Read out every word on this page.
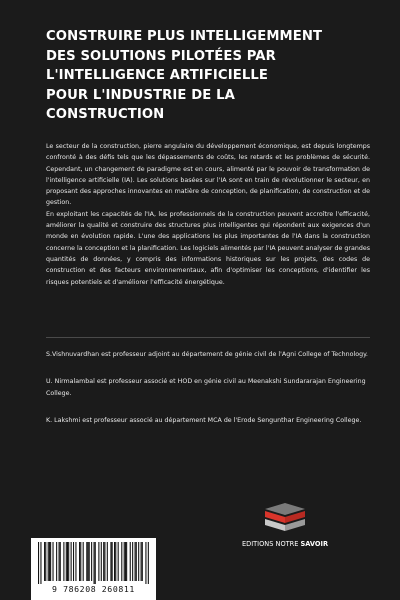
CONSTRUIRE PLUS INTELLIGEMMENT
DES SOLUTIONS PILOTÉES PAR
L'INTELLIGENCE ARTIFICIELLE
POUR L'INDUSTRIE DE LA
CONSTRUCTION

Le secteur de la construction, pierre angulaire du développement économique, est depuis longtemps confronté à des défis tels que les dépassements de coûts, les retards et les problèmes de sécurité. Cependant, un changement de paradigme est en cours, alimenté par le pouvoir de transformation de l'intelligence artificielle (IA). Les solutions basées sur l'IA sont en train de révolutionner le secteur, en proposant des approches innovantes en matière de conception, de planification, de construction et de gestion.

En exploitant les capacités de l'IA, les professionnels de la construction peuvent accroître l'efficacité, améliorer la qualité et construire des structures plus intelligentes qui répondent aux exigences d'un monde en évolution rapide. L'une des applications les plus importantes de l'IA dans la construction concerne la conception et la planification. Les logiciels alimentés par l'IA peuvent analyser de grandes quantités de données, y compris des informations historiques sur les projets, des codes de construction et des facteurs environnementaux, afin d'optimiser les conceptions, d'identifier les risques potentiels et d'améliorer l'efficacité énergétique.

S.Vishnuvardhan est professeur adjoint au département de génie civil de l'Agni College of Technology.

U. Nirmalambal est professeur associé et HOD en génie civil au Meenakshi Sundararajan Engineering College.

K. Lakshmi est professeur associé au département MCA de l'Erode Sengunthar Engineering College.

EDITIONS NOTRE SAVOIR
9 786208 260811
